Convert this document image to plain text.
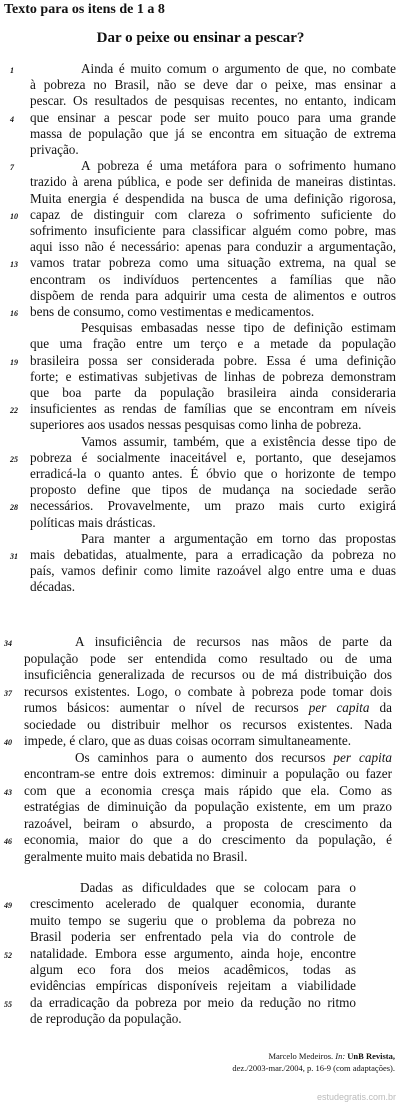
Texto para os itens de 1 a 8
Dar o peixe ou ensinar a pescar?
Ainda é muito comum o argumento de que, no combate
à pobreza no Brasil, não se deve dar o peixe, mas ensinar a
pescar. Os resultados de pesquisas recentes, no entanto, indicam
que ensinar a pescar pode ser muito pouco para uma grande
massa de população que já se encontra em situação de extrema
privação.
A pobreza é uma metáfora para o sofrimento humano
trazido à arena pública, e pode ser definida de maneiras distintas.
Muita energia é despendida na busca de uma definição rigorosa,
capaz de distinguir com clareza o sofrimento suficiente do
sofrimento insuficiente para classificar alguém como pobre, mas
aqui isso não é necessário: apenas para conduzir a argumentação,
vamos tratar pobreza como uma situação extrema, na qual se
encontram os indivíduos pertencentes a famílias que não
dispõem de renda para adquirir uma cesta de alimentos e outros
bens de consumo, como vestimentas e medicamentos.
Pesquisas embasadas nesse tipo de definição estimam
que uma fração entre um terço e a metade da população
brasileira possa ser considerada pobre. Essa é uma definição
forte; e estimativas subjetivas de linhas de pobreza demonstram
que boa parte da população brasileira ainda consideraria
insuficientes as rendas de famílias que se encontram em níveis
superiores aos usados nessas pesquisas como linha de pobreza.
Vamos assumir, também, que a existência desse tipo de
pobreza é socialmente inaceitável e, portanto, que desejamos
erradicá-la o quanto antes. É óbvio que o horizonte de tempo
proposto define que tipos de mudança na sociedade serão
necessários. Provavelmente, um prazo mais curto exigirá
políticas mais drásticas.
Para manter a argumentação em torno das propostas
mais debatidas, atualmente, para a erradicação da pobreza no
país, vamos definir como limite razoável algo entre uma e duas
décadas.
A insuficiência de recursos nas mãos de parte da
população pode ser entendida como resultado ou de uma
insuficiência generalizada de recursos ou de má distribuição dos
recursos existentes. Logo, o combate à pobreza pode tomar dois
rumos básicos: aumentar o nível de recursos per capita da
sociedade ou distribuir melhor os recursos existentes. Nada
impede, é claro, que as duas coisas ocorram simultaneamente.
Os caminhos para o aumento dos recursos per capita
encontram-se entre dois extremos: diminuir a população ou fazer
com que a economia cresça mais rápido que ela. Como as
estratégias de diminuição da população existente, em um prazo
razoável, beiram o absurdo, a proposta de crescimento da
economia, maior do que a do crescimento da população, é
geralmente muito mais debatida no Brasil.
Dadas as dificuldades que se colocam para o
crescimento acelerado de qualquer economia, durante
muito tempo se sugeriu que o problema da pobreza no
Brasil poderia ser enfrentado pela via do controle de
natalidade. Embora esse argumento, ainda hoje, encontre
algum eco fora dos meios acadêmicos, todas as
evidências empíricas disponíveis rejeitam a viabilidade
da erradicação da pobreza por meio da redução no ritmo
de reprodução da população.
1
4
7
10
13
16
19
22
25
28
31
34
37
40
43
46
49
52
55
Marcelo Medeiros. In: UnB Revista,
dez./2003-mar./2004, p. 16-9 (com adaptações).
estudegratis.com.br
